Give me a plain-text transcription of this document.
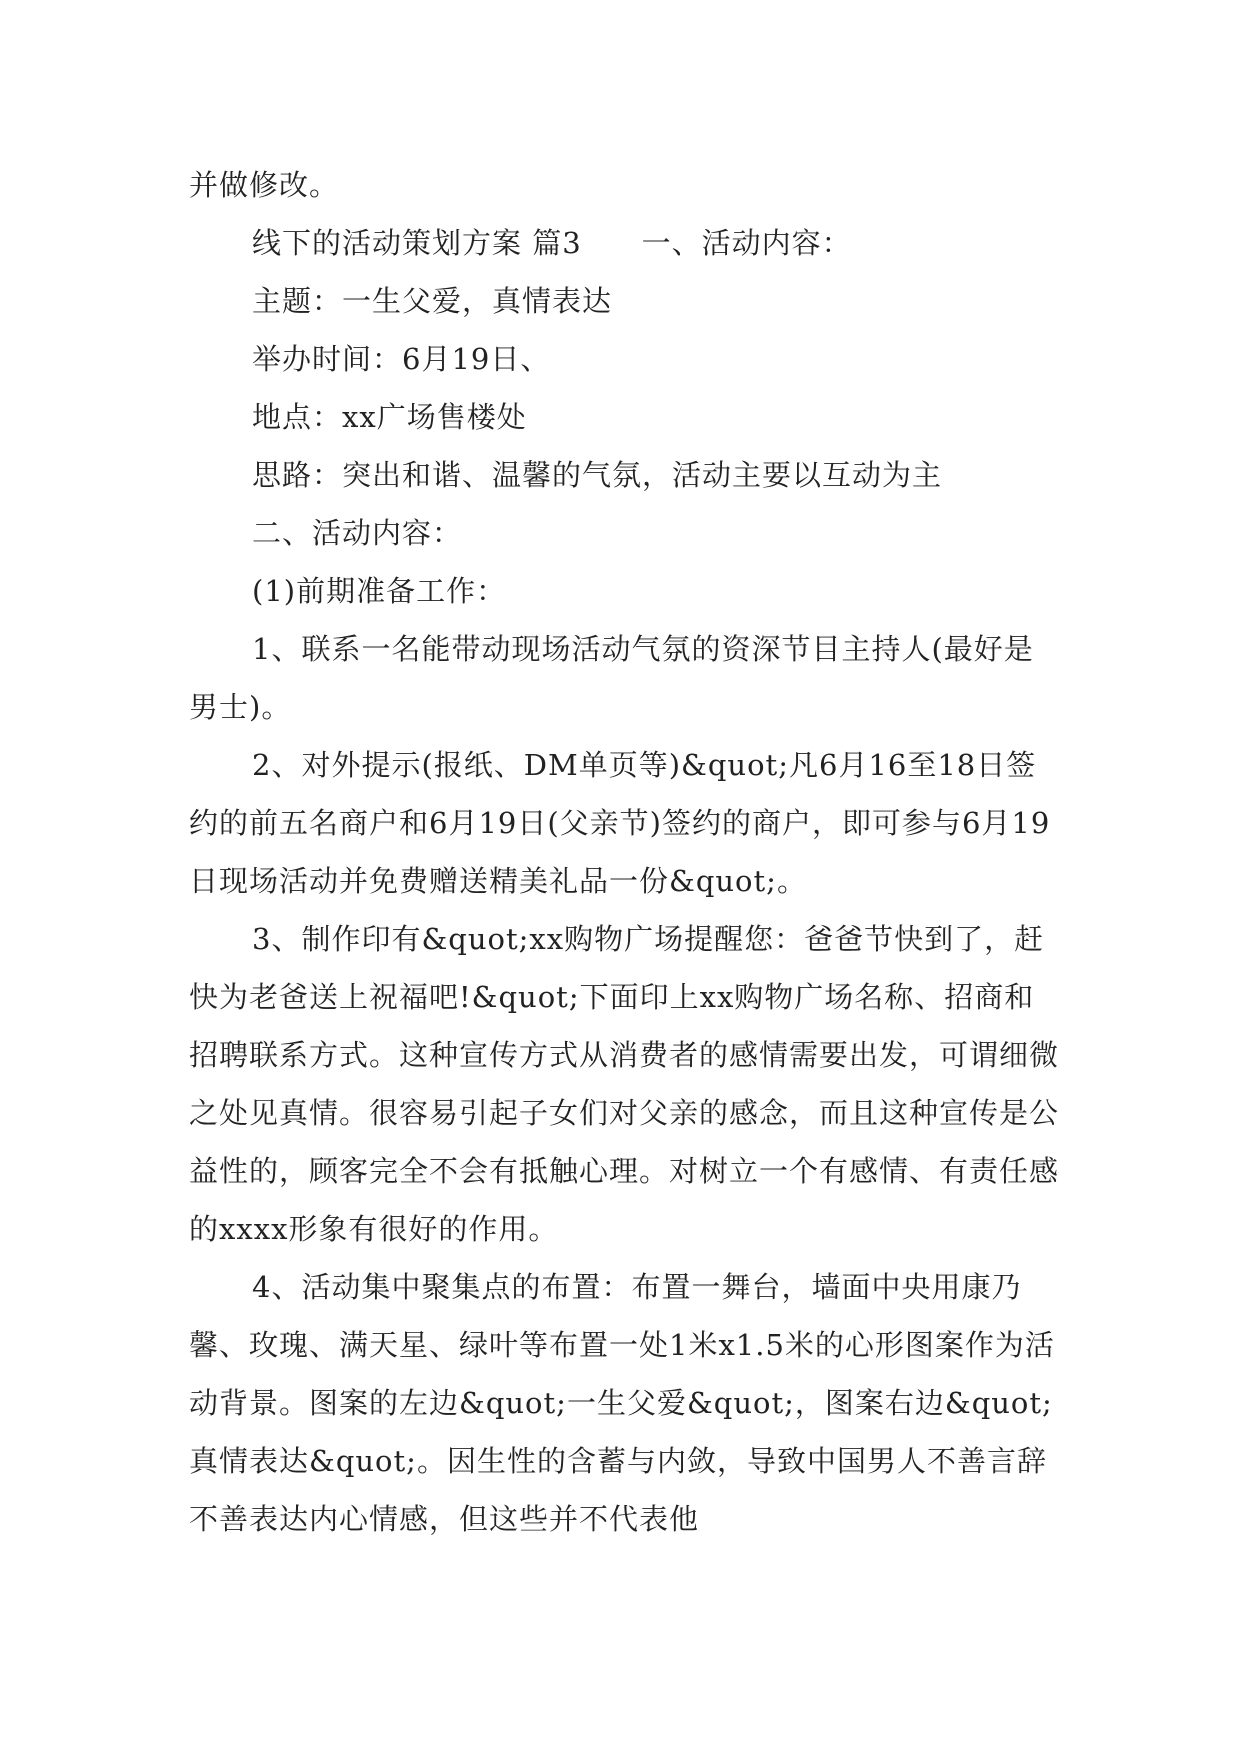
并做修改。

线下的活动策划方案 篇3　　一、活动内容：

主题：一生父爱，真情表达

举办时间：6月19日、

地点：xx广场售楼处

思路：突出和谐、温馨的气氛，活动主要以互动为主

二、活动内容：

(1)前期准备工作：

1、联系一名能带动现场活动气氛的资深节目主持人(最好是男士)。

2、对外提示(报纸、DM单页等)&quot;凡6月16至18日签约的前五名商户和6月19日(父亲节)签约的商户，即可参与6月19日现场活动并免费赠送精美礼品一份&quot;。

3、制作印有&quot;xx购物广场提醒您：爸爸节快到了，赶快为老爸送上祝福吧!&quot;下面印上xx购物广场名称、招商和招聘联系方式。这种宣传方式从消费者的感情需要出发，可谓细微之处见真情。很容易引起子女们对父亲的感念，而且这种宣传是公益性的，顾客完全不会有抵触心理。对树立一个有感情、有责任感的xxxx形象有很好的作用。

4、活动集中聚集点的布置：布置一舞台，墙面中央用康乃馨、玫瑰、满天星、绿叶等布置一处1米x1.5米的心形图案作为活动背景。图案的左边&quot;一生父爱&quot;，图案右边&quot;真情表达&quot;。因生性的含蓄与内敛，导致中国男人不善言辞不善表达内心情感，但这些并不代表他
